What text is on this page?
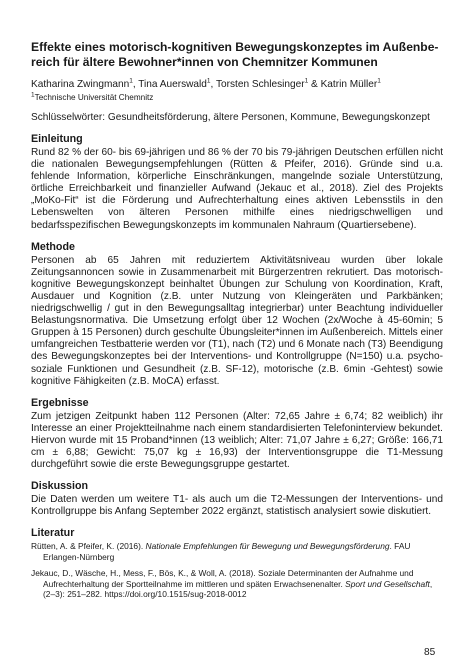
Effekte eines motorisch-kognitiven Bewegungskonzeptes im Außenbe-
reich für ältere Bewohner*innen von Chemnitzer Kommunen

Katharina Zwingmann$^1$, Tina Auerswald$^1$, Torsten Schlesinger$^1$ & Katrin Müller$^1$

$^1$Technische Universität Chemnitz

Schlüsselwörter: Gesundheitsförderung, ältere Personen, Kommune, Bewegungskonzept

Einleitung

Rund 82 % der 60- bis 69-jährigen und 86 % der 70 bis 79-jährigen Deutschen erfüllen nicht die nationalen Bewegungsempfehlungen (Rütten & Pfeifer, 2016). Gründe sind u.a. fehlende Information, körperliche Einschränkungen, mangelnde soziale Unterstützung, örtliche Erreichbarkeit und finanzieller Aufwand (Jekauc et al., 2018). Ziel des Projekts „MoKo-Fit“ ist die Förderung und Aufrechterhaltung eines aktiven Lebensstils in den Lebenswelten von älteren Personen mithilfe eines niedrigschwelligen und bedarfsspezifischen Bewegungskonzepts im kommunalen Nahraum (Quartiersebene).

Methode

Personen ab 65 Jahren mit reduziertem Aktivitätsniveau wurden über lokale Zeitungsannoncen sowie in Zusammenarbeit mit Bürgerzentren rekrutiert. Das motorisch-kognitive Bewegungskonzept beinhaltet Übungen zur Schulung von Koordination, Kraft, Ausdauer und Kognition (z.B. unter Nutzung von Kleingeräten und Parkbänken; niedrigschwellig / gut in den Bewegungsalltag integrierbar) unter Beachtung individueller Belastungsnormativa. Die Umsetzung erfolgt über 12 Wochen (2x/Woche à 45-60min; 5 Gruppen à 15 Personen) durch geschulte Übungsleiter*innen im Außenbereich. Mittels einer umfangreichen Testbatterie werden vor (T1), nach (T2) und 6 Monate nach (T3) Beendigung des Bewegungskonzeptes bei der Interventions- und Kontrollgruppe (N=150) u.a. psycho-soziale Funktionen und Gesundheit (z.B. SF-12), motorische (z.B. 6min -Gehtest) sowie kognitive Fähigkeiten (z.B. MoCA) erfasst.

Ergebnisse

Zum jetzigen Zeitpunkt haben 112 Personen (Alter: 72,65 Jahre ± 6,74; 82 weiblich) ihr Interesse an einer Projektteilnahme nach einem standardisierten Telefoninterview bekundet. Hiervon wurde mit 15 Proband*innen (13 weiblich; Alter: 71,07 Jahre ± 6,27; Größe: 166,71 cm ± 6,88; Gewicht: 75,07 kg ± 16,93) der Interventionsgruppe die T1-Messung durchgeführt sowie die erste Bewegungsgruppe gestartet.

Diskussion

Die Daten werden um weitere T1- als auch um die T2-Messungen der Interventions- und Kontrollgruppe bis Anfang September 2022 ergänzt, statistisch analysiert sowie diskutiert.

Literatur

Rütten, A. & Pfeifer, K. (2016). Nationale Empfehlungen für Bewegung und Bewegungsförderung. FAU Erlangen-Nürnberg

Jekauc, D., Wäsche, H., Mess, F., Bös, K., & Woll, A. (2018). Soziale Determinanten der Aufnahme und Aufrechterhaltung der Sportteilnahme im mittleren und späten Erwachsenenalter. Sport und Gesellschaft, (2–3): 251–282. https://doi.org/10.1515/sug-2018-0012

85
